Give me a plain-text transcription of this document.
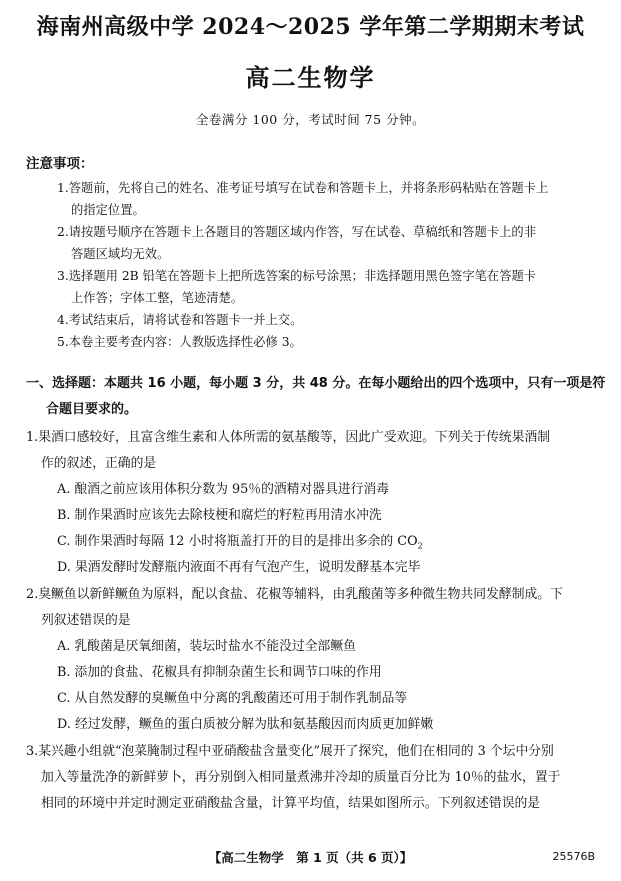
海南州高级中学 2024～2025 学年第二学期期末考试
高二生物学
全卷满分 100 分，考试时间 75 分钟。
注意事项：
1.答题前，先将自己的姓名、准考证号填写在试卷和答题卡上，并将条形码粘贴在答题卡上
的指定位置。
2.请按题号顺序在答题卡上各题目的答题区域内作答，写在试卷、草稿纸和答题卡上的非
答题区域均无效。
3.选择题用 2B 铅笔在答题卡上把所选答案的标号涂黑；非选择题用黑色签字笔在答题卡
上作答；字体工整，笔迹清楚。
4.考试结束后，请将试卷和答题卡一并上交。
5.本卷主要考查内容：人教版选择性必修 3。
一、选择题：本题共 16 小题，每小题 3 分，共 48 分。在每小题给出的四个选项中，只有一项是符
合题目要求的。
1.果酒口感较好，且富含维生素和人体所需的氨基酸等，因此广受欢迎。下列关于传统果酒制
作的叙述，正确的是
A. 酿酒之前应该用体积分数为 95％的酒精对器具进行消毒
B. 制作果酒时应该先去除枝梗和腐烂的籽粒再用清水冲洗
C. 制作果酒时每隔 12 小时将瓶盖打开的目的是排出多余的 $CO_2$
D. 果酒发酵时发酵瓶内液面不再有气泡产生，说明发酵基本完毕
2.臭鳜鱼以新鲜鳜鱼为原料，配以食盐、花椒等辅料，由乳酸菌等多种微生物共同发酵制成。下
列叙述错误的是
A. 乳酸菌是厌氧细菌，装坛时盐水不能没过全部鳜鱼
B. 添加的食盐、花椒具有抑制杂菌生长和调节口味的作用
C. 从自然发酵的臭鳜鱼中分离的乳酸菌还可用于制作乳制品等
D. 经过发酵，鳜鱼的蛋白质被分解为肽和氨基酸因而肉质更加鲜嫩
3.某兴趣小组就“泡菜腌制过程中亚硝酸盐含量变化”展开了探究，他们在相同的 3 个坛中分别
加入等量洗净的新鲜萝卜，再分别倒入相同量煮沸并冷却的质量百分比为 10％的盐水，置于
相同的环境中并定时测定亚硝酸盐含量，计算平均值，结果如图所示。下列叙述错误的是
【高二生物学　第 1 页（共 6 页）】	25576B
